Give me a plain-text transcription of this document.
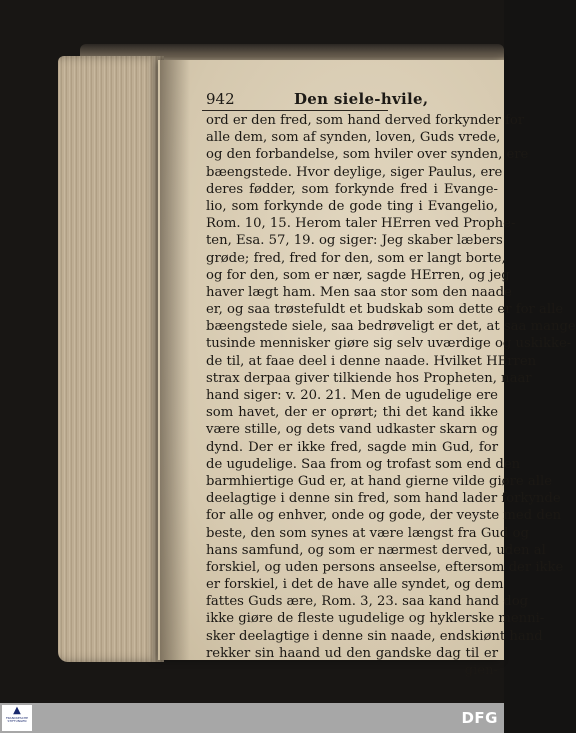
942	Den siele-hvile,
ord er den fred, som hand derved forkynder for
alle dem, som af synden, loven, Guds vrede,
og den forbandelse, som hviler over synden, ere
bæengstede. Hvor deylige, siger Paulus, ere
deres fødder, som forkynde fred i Evange-
lio, som forkynde de gode ting i Evangelio,
Rom. 10, 15. Herom taler HErren ved Prophe-
ten, Esa. 57, 19. og siger: Jeg skaber læbers
grøde; fred, fred for den, som er langt borte,
og for den, som er nær, sagde HErren, og jeg
haver lægt ham. Men saa stor som den naade
er, og saa trøstefuldt et budskab som dette er for alle
bæengstede siele, saa bedrøveligt er det, at saa mange
tusinde mennisker giøre sig selv uværdige og uskikke-
de til, at faae deel i denne naade. Hvilket HErren
strax derpaa giver tilkiende hos Propheten, naar
hand siger: v. 20. 21. Men de ugudelige ere
som havet, der er oprørt; thi det kand ikke
være stille, og dets vand udkaster skarn og
dynd. Der er ikke fred, sagde min Gud, for
de ugudelige. Saa from og trofast som end den
barmhiertige Gud er, at hand gierne vilde giøre alle
deelagtige i denne sin fred, som hand lader forkynde
for alle og enhver, onde og gode, der veyste med den
beste, den som synes at være længst fra Gud og
hans samfund, og som er nærmest derved, uden al
forskiel, og uden persons anseelse, eftersom der ikke
er forskiel, i det de have alle syndet, og dem
fattes Guds ære, Rom. 3, 23. saa kand hand dog
ikke giøre de fleste ugudelige og hyklerske menni-
sker deelagtige i denne sin naade, endskiønt hand
rekker sin haand ud den gandske dag til er
gien-
▲
FRANCKESCHE
STIFTUNGEN	DFG
